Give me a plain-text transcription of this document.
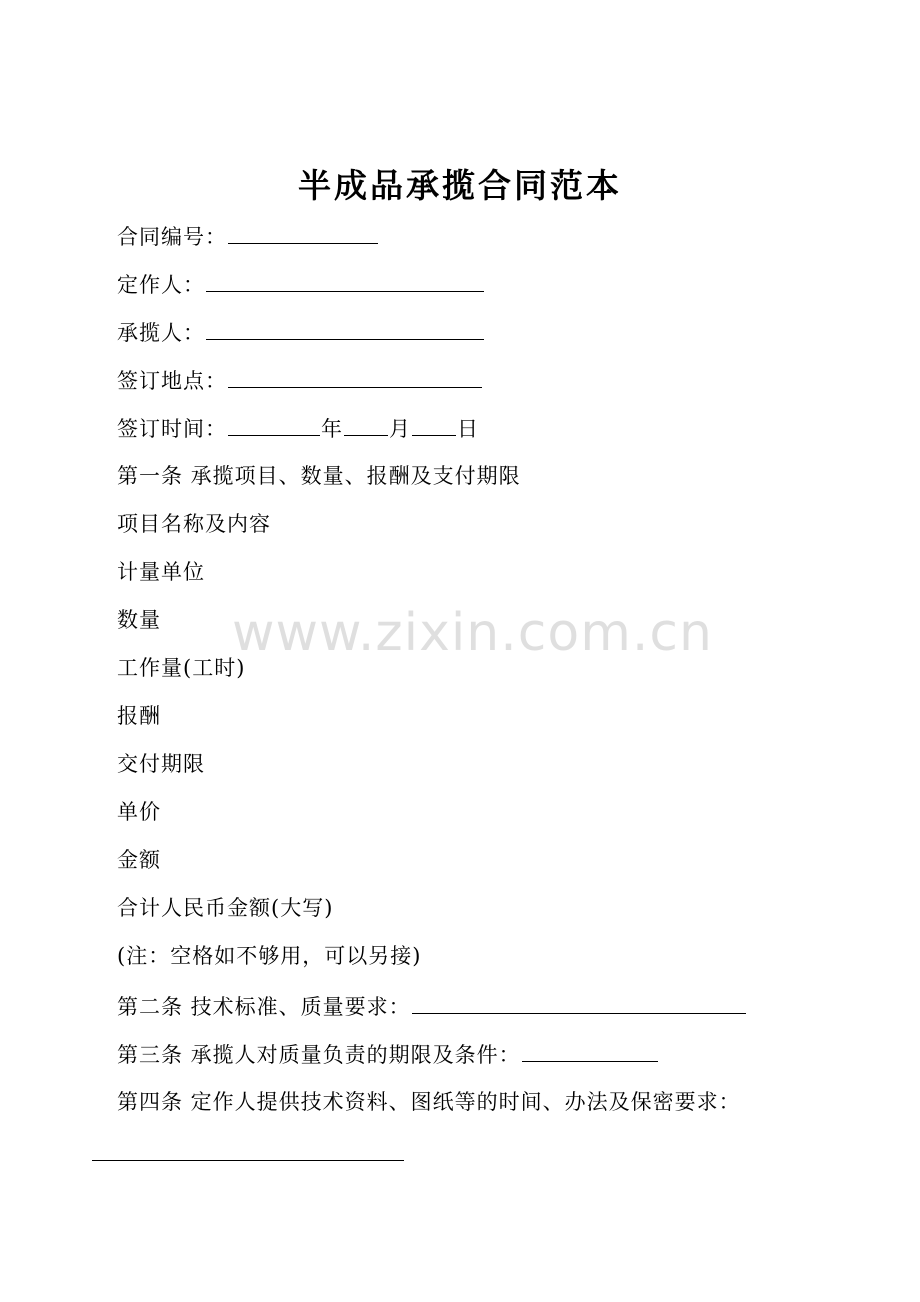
半成品承揽合同范本
合同编号：
定作人：
承揽人：
签订地点：
签订时间：	年 月 日
第一条 承揽项目、数量、报酬及支付期限
项目名称及内容
计量单位
数量
工作量(工时)
报酬
交付期限
单价
金额
合计人民币金额(大写)
(注：空格如不够用，可以另接)
第二条 技术标准、质量要求：
第三条 承揽人对质量负责的期限及条件：
第四条 定作人提供技术资料、图纸等的时间、办法及保密要求：
www.zixin.com.cn
